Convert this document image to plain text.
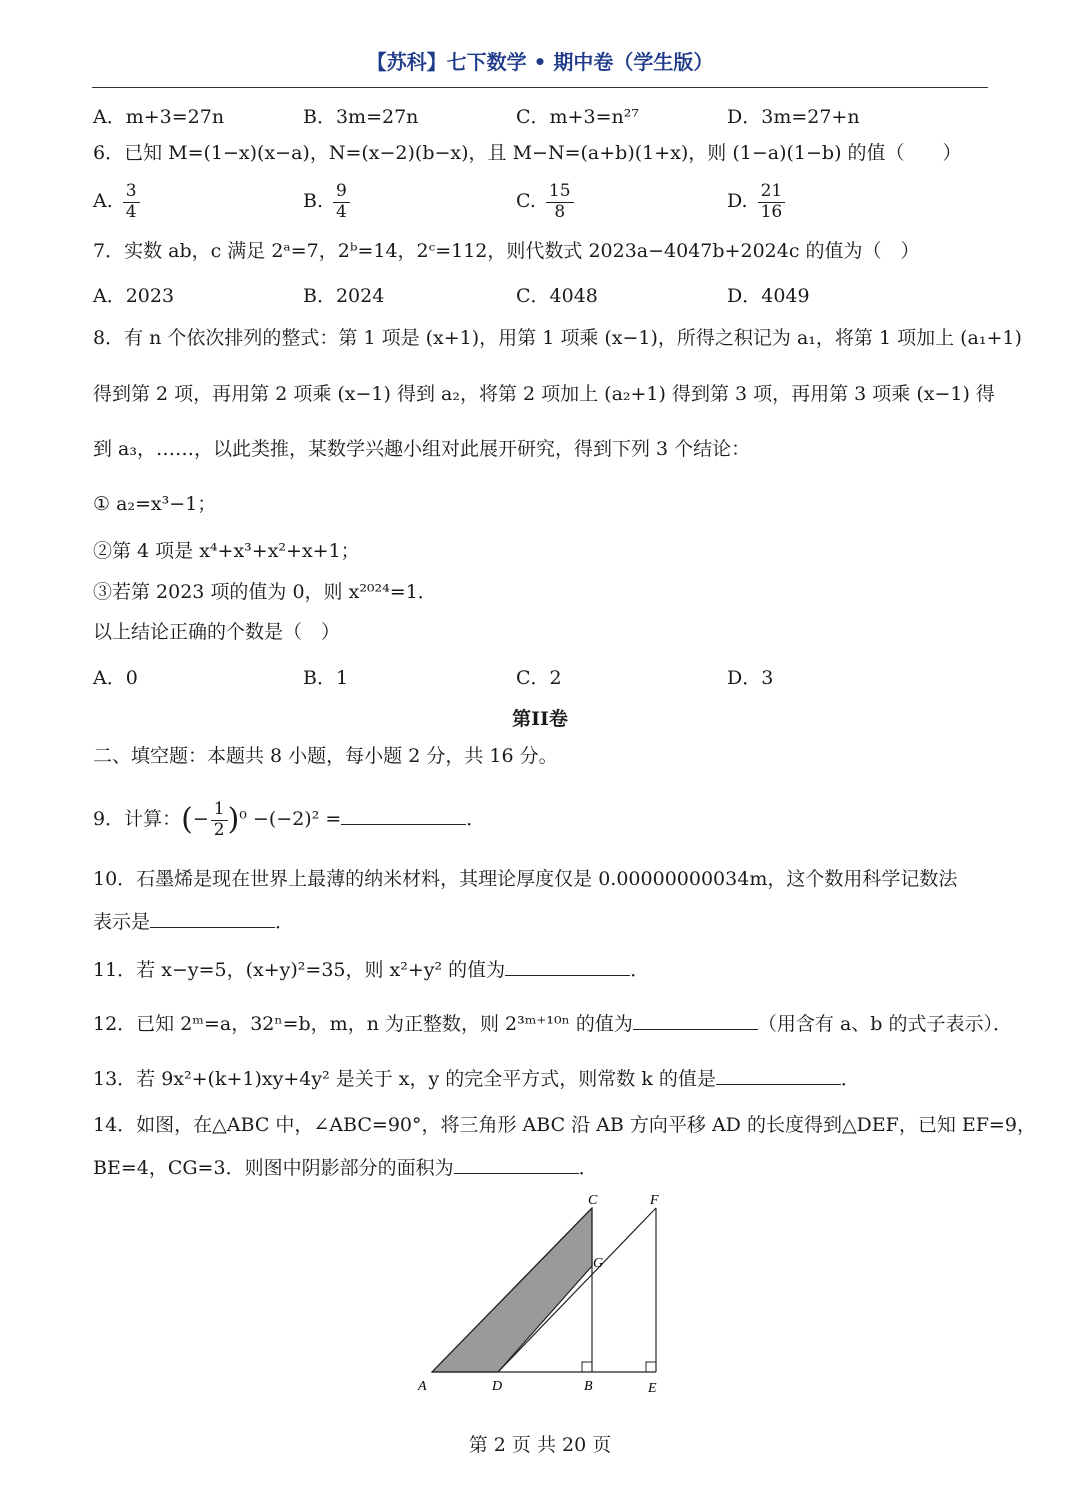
【苏科】七下数学 • 期中卷（学生版）
A．m+3=27n	B．3m=27n	C．m+3=n²⁷	D．3m=27+n
6．已知 M=(1−x)(x−a)，N=(x−2)(b−x)，且 M−N=(a+b)(1+x)，则 (1−a)(1−b) 的值（　　）
A. $\frac{3}{4}$	B. $\frac{9}{4}$	C. $\frac{15}{8}$	D. $\frac{21}{16}$
7．实数 ab，c 满足 2ᵃ=7，2ᵇ=14，2ᶜ=112，则代数式 2023a−4047b+2024c 的值为（　）
A．2023	B．2024	C．4048	D．4049
8．有 n 个依次排列的整式：第 1 项是 (x+1)，用第 1 项乘 (x−1)，所得之积记为 a₁，将第 1 项加上 (a₁+1)
得到第 2 项，再用第 2 项乘 (x−1) 得到 a₂，将第 2 项加上 (a₂+1) 得到第 3 项，再用第 3 项乘 (x−1) 得
到 a₃，……，以此类推，某数学兴趣小组对此展开研究，得到下列 3 个结论：
① a₂=x³−1；
②第 4 项是 x⁴+x³+x²+x+1；
③若第 2023 项的值为 0，则 x²⁰²⁴=1．
以上结论正确的个数是（　）
A．0	B．1	C．2	D．3
第II卷
二、填空题：本题共 8 小题，每小题 2 分，共 16 分。
9．计算：(− $\frac{1}{2} )^0 -(-2)^2$ =	．
10．石墨烯是现在世界上最薄的纳米材料，其理论厚度仅是 0.00000000034m，这个数用科学记数法
表示是	．
11．若 x−y=5，(x+y)²=35，则 x²+y² 的值为	．
12．已知 2ᵐ=a，32ⁿ=b，m，n 为正整数，则 2³ᵐ⁺¹⁰ⁿ 的值为	（用含有 a、b 的式子表示）．
13．若 9x²+(k+1)xy+4y² 是关于 x，y 的完全平方式，则常数 k 的值是	．
14．如图，在△ABC 中，∠ABC=90°，将三角形 ABC 沿 AB 方向平移 AD 的长度得到△DEF，已知 EF=9，
BE=4，CG=3．则图中阴影部分的面积为	．
A	D	B	E
C	F
G
第 2 页 共 20 页
